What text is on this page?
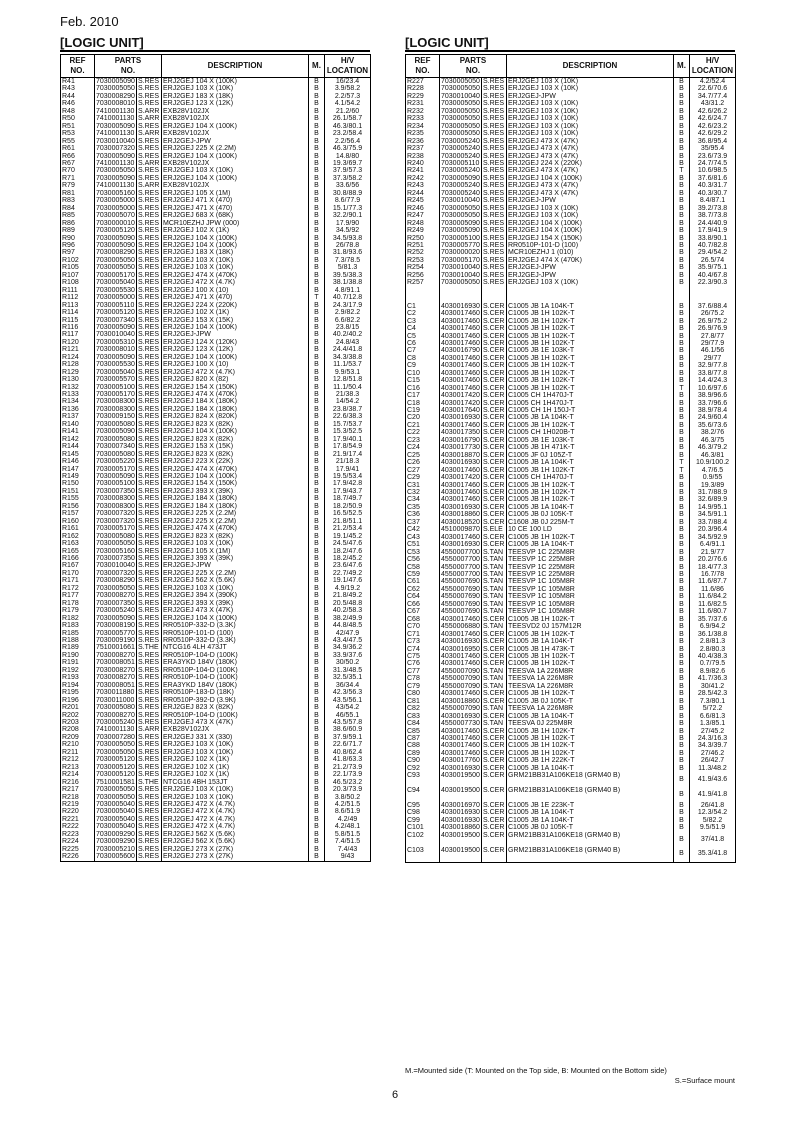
Feb. 2010
[LOGIC UNIT]	[LOGIC UNIT]
REF
NO.	PARTS
NO.		DESCRIPTION	M.	H/V
LOCATION
R41	7030005090	S.RES	ERJ2GEJ 104 X (100K)	B	16/23.4
R43	7030005050	S.RES	ERJ2GEJ 103 X (10K)	B	3.9/58.2
R44	7030008290	S.RES	ERJ2GEJ 183 X (18K)	B	2.2/57.3
R46	7030008010	S.RES	ERJ2GEJ 123 X (12K)	B	4.1/54.2
R48	7410001130	S.ARR	EXB28V102JX	B	21.2/60
R50	7410001130	S.ARR	EXB28V102JX	B	26.1/58.7
R51	7030005090	S.RES	ERJ2GEJ 104 X (100K)	B	46.3/80.1
R53	7410001130	S.ARR	EXB28V102JX	B	23.2/58.4
R55	7030010040	S.RES	ERJ2GEJ-JPW	B	2.2/56.4
R61	7030007320	S.RES	ERJ2GEJ 225 X (2.2M)	B	46.3/75.9
R66	7030005090	S.RES	ERJ2GEJ 104 X (100K)	B	14.8/80
R67	7410001130	S.ARR	EXB28V102JX	B	19.3/69.7
R70	7030005050	S.RES	ERJ2GEJ 103 X (10K)	B	37.9/57.3
R71	7030005090	S.RES	ERJ2GEJ 104 X (100K)	B	37.3/58.2
R79	7410001130	S.ARR	EXB28V102JX	B	33.6/56
R81	7030005160	S.RES	ERJ2GEJ 105 X (1M)	B	30.8/88.9
R83	7030005000	S.RES	ERJ2GEJ 471 X (470)	B	8.6/77.9
R84	7030005000	S.RES	ERJ2GEJ 471 X (470)	B	15.1/77.3
R85	7030005070	S.RES	ERJ2GEJ 683 X (68K)	B	32.2/90.1
R86	7030000010	S.RES	MCR10EZHJ JPW (000)	B	17.9/90
R89	7030005120	S.RES	ERJ2GEJ 102 X (1K)	B	34.5/92
R90	7030005090	S.RES	ERJ2GEJ 104 X (100K)	B	34.5/93.8
R96	7030005090	S.RES	ERJ2GEJ 104 X (100K)	B	26/78.8
R97	7030008290	S.RES	ERJ2GEJ 183 X (18K)	B	31.8/93.6
R102	7030005050	S.RES	ERJ2GEJ 103 X (10K)	B	7.3/78.5
R105	7030005050	S.RES	ERJ2GEJ 103 X (10K)	B	5/81.3
R107	7030005170	S.RES	ERJ2GEJ 474 X (470K)	B	39.5/38.3
R108	7030005040	S.RES	ERJ2GEJ 472 X (4.7K)	B	38.1/38.8
R111	7030005530	S.RES	ERJ2GEJ 100 X (10)	B	4.8/91.1
R112	7030005000	S.RES	ERJ2GEJ 471 X (470)	T	40.7/12.8
R113	7030005110	S.RES	ERJ2GEJ 224 X (220K)	B	24.3/17.9
R114	7030005120	S.RES	ERJ2GEJ 102 X (1K)	B	2.9/82.2
R115	7030007340	S.RES	ERJ2GEJ 153 X (15K)	B	6.6/82.2
R116	7030005090	S.RES	ERJ2GEJ 104 X (100K)	B	23.8/15
R117	7030010040	S.RES	ERJ2GEJ-JPW	B	40.2/40.2
R120	7030005310	S.RES	ERJ2GEJ 124 X (120K)	B	24.8/43
R121	7030008010	S.RES	ERJ2GEJ 123 X (12K)	B	24.4/41.8
R124	7030005090	S.RES	ERJ2GEJ 104 X (100K)	B	34.3/38.8
R128	7030005530	S.RES	ERJ2GEJ 100 X (10)	B	11.1/53.7
R129	7030005040	S.RES	ERJ2GEJ 472 X (4.7K)	B	9.9/53.1
R130	7030005570	S.RES	ERJ2GEJ 820 X (82)	B	12.8/51.8
R132	7030005100	S.RES	ERJ2GEJ 154 X (150K)	B	11.1/50.4
R133	7030005170	S.RES	ERJ2GEJ 474 X (470K)	B	21/38.3
R134	7030008300	S.RES	ERJ2GEJ 184 X (180K)	B	14/54.2
R136	7030008300	S.RES	ERJ2GEJ 184 X (180K)	B	23.8/38.7
R137	7030009150	S.RES	ERJ2GEJ 824 X (820K)	B	22.6/38.3
R140	7030005080	S.RES	ERJ2GEJ 823 X (82K)	B	15.7/53.7
R141	7030005090	S.RES	ERJ2GEJ 104 X (100K)	B	15.3/52.5
R142	7030005080	S.RES	ERJ2GEJ 823 X (82K)	B	17.9/40.1
R144	7030007340	S.RES	ERJ2GEJ 153 X (15K)	B	17.8/54.9
R145	7030005080	S.RES	ERJ2GEJ 823 X (82K)	B	21.9/17.4
R146	7030005220	S.RES	ERJ2GEJ 223 X (22K)	B	21/18.3
R147	7030005170	S.RES	ERJ2GEJ 474 X (470K)	B	17.9/41
R149	7030005090	S.RES	ERJ2GEJ 104 X (100K)	B	19.5/53.4
R150	7030005100	S.RES	ERJ2GEJ 154 X (150K)	B	17.9/42.8
R151	7030007350	S.RES	ERJ2GEJ 393 X (39K)	B	17.9/43.7
R155	7030008300	S.RES	ERJ2GEJ 184 X (180K)	B	18.7/49.7
R156	7030008300	S.RES	ERJ2GEJ 184 X (180K)	B	18.2/50.9
R157	7030007320	S.RES	ERJ2GEJ 225 X (2.2M)	B	16.5/52.5
R160	7030007320	S.RES	ERJ2GEJ 225 X (2.2M)	B	21.8/51.1
R161	7030005170	S.RES	ERJ2GEJ 474 X (470K)	B	21.2/53.4
R162	7030005080	S.RES	ERJ2GEJ 823 X (82K)	B	19.1/45.2
R163	7030005050	S.RES	ERJ2GEJ 103 X (10K)	B	24.5/47.6
R165	7030005160	S.RES	ERJ2GEJ 105 X (1M)	B	18.2/47.6
R166	7030007350	S.RES	ERJ2GEJ 393 X (39K)	B	18.2/45.2
R167	7030010040	S.RES	ERJ2GEJ-JPW	B	23.6/47.6
R170	7030007320	S.RES	ERJ2GEJ 225 X (2.2M)	B	22.7/49.2
R171	7030008290	S.RES	ERJ2GEJ 562 X (5.6K)	B	19.1/47.6
R172	7030005050	S.RES	ERJ2GEJ 103 X (10K)	B	4.9/19.2
R177	7030008270	S.RES	ERJ2GEJ 394 X (390K)	B	21.8/49.2
R178	7030007350	S.RES	ERJ2GEJ 393 X (39K)	B	20.5/48.8
R179	7030005240	S.RES	ERJ2GEJ 473 X (47K)	B	40.2/58.3
R182	7030005090	S.RES	ERJ2GEJ 104 X (100K)	B	38.2/49.9
R183	7030008190	S.RES	RR0510P-332-D (3.3K)	B	44.8/48.5
R185	7030005770	S.RES	RR0510P-101-D (100)	B	42/47.9
R188	7030009190	S.RES	RR0510P-332-D (3.3K)	B	43.4/47.5
R189	7510001661	S.THE	NTCG16 4LH 473JT	B	34.9/36.2
R190	7030008270	S.RES	RR0510P-104-D (100K)	B	33.9/37.6
R191	7030008051	S.RES	ERA3YKD 184V (180K)	B	30/50.2
R192	7030008270	S.RES	RR0510P-104-D (100K)	B	31.3/48.5
R193	7030008270	S.RES	RR0510P-104-D (100K)	B	32.5/35.1
R194	7030008051	S.RES	ERA3YKD 184V (180K)	B	36/34.4
R195	7030011880	S.RES	RR0510P-183-D (18K)	B	42.3/56.3
R196	7030011000	S.RES	RR0510P-392-D (3.9K)	B	43.5/56.1
R201	7030005080	S.RES	ERJ2GEJ 823 X (82K)	B	43/54.2
R202	7030008270	S.RES	RR0510P-104-D (100K)	B	46/55.1
R203	7030005240	S.RES	ERJ2GEJ 473 X (47K)	B	43.5/57.8
R208	7410001130	S.ARR	EXB28V102JX	B	38.6/60.9
R209	7030007280	S.RES	ERJ2GEJ 331 X (330)	B	37.9/59.1
R210	7030005050	S.RES	ERJ2GEJ 103 X (10K)	B	22.6/71.7
R211	7030005050	S.RES	ERJ2GEJ 103 X (10K)	B	40.8/62.4
R212	7030005120	S.RES	ERJ2GEJ 102 X (1K)	B	41.8/63.3
R213	7030005120	S.RES	ERJ2GEJ 102 X (1K)	B	21.2/73.9
R214	7030005120	S.RES	ERJ2GEJ 102 X (1K)	B	22.1/73.9
R216	7510001581	S.THE	NTCG16 4BH 153JT	B	46.5/23.2
R217	7030005050	S.RES	ERJ2GEJ 103 X (10K)	B	20.3/73.9
R218	7030005050	S.RES	ERJ2GEJ 103 X (10K)	B	3.8/50.2
R219	7030005040	S.RES	ERJ2GEJ 472 X (4.7K)	B	4.2/51.5
R220	7030005040	S.RES	ERJ2GEJ 472 X (4.7K)	B	8.6/51.9
R221	7030005040	S.RES	ERJ2GEJ 472 X (4.7K)	B	4.2/49
R222	7030005040	S.RES	ERJ2GEJ 472 X (4.7K)	B	4.2/48.1
R223	7030009290	S.RES	ERJ2GEJ 562 X (5.6K)	B	5.8/51.5
R224	7030009290	S.RES	ERJ2GEJ 562 X (5.6K)	B	7.4/51.5
R225	7030005210	S.RES	ERJ2GEJ 273 X (27K)	B	7.4/43
R226	7030005600	S.RES	ERJ2GEJ 273 X (27K)	B	9/43
REF
NO.	PARTS
NO.		DESCRIPTION	M.	H/V
LOCATION
R227	7030005050	S.RES	ERJ2GEJ 103 X (10K)	B	4.2/52.4
R228	7030005050	S.RES	ERJ2GEJ 103 X (10K)	B	22.6/70.6
R229	7030010040	S.RES	ERJ2GEJ-JPW	B	34.7/77.4
R231	7030005050	S.RES	ERJ2GEJ 103 X (10K)	B	43/31.2
R232	7030005050	S.RES	ERJ2GEJ 103 X (10K)	B	42.6/26.2
R233	7030005050	S.RES	ERJ2GEJ 103 X (10K)	B	42.6/24.7
R234	7030005050	S.RES	ERJ2GEJ 103 X (10K)	B	42.6/23.2
R235	7030005050	S.RES	ERJ2GEJ 103 X (10K)	B	42.6/29.2
R236	7030005240	S.RES	ERJ2GEJ 473 X (47K)	B	36.8/95.4
R237	7030005240	S.RES	ERJ2GEJ 473 X (47K)	B	35/95.4
R238	7030005240	S.RES	ERJ2GEJ 473 X (47K)	B	23.6/73.9
R240	7030005110	S.RES	ERJ2GEJ 224 X (220K)	B	24.7/74.5
R241	7030005240	S.RES	ERJ2GEJ 473 X (47K)	T	10.6/98.5
R242	7030005090	S.RES	ERJ2GEJ 104 X (100K)	B	37.6/81.6
R243	7030005240	S.RES	ERJ2GEJ 473 X (47K)	B	40.3/31.7
R244	7030005240	S.RES	ERJ2GEJ 473 X (47K)	B	40.3/30.7
R245	7030010040	S.RES	ERJ2GEJ-JPW	B	8.4/87.1
R246	7030005050	S.RES	ERJ2GEJ 103 X (10K)	B	39.2/73.8
R247	7030005050	S.RES	ERJ2GEJ 103 X (10K)	B	38.7/73.8
R248	7030005090	S.RES	ERJ2GEJ 104 X (100K)	B	24.4/40.9
R249	7030005090	S.RES	ERJ2GEJ 104 X (100K)	B	17.9/41.9
R250	7030005100	S.RES	ERJ2GEJ 154 X (150K)	B	33.8/90.1
R251	7030005770	S.RES	RR0510P-101-D (100)	B	40.7/82.8
R252	7030000020	S.RES	MCR10EZHJ 1 (010)	B	29.4/54.2
R253	7030005170	S.RES	ERJ2GEJ 474 X (470K)	B	26.5/74
R254	7030010040	S.RES	ERJ2GEJ-JPW	B	35.9/75.1
R256	7030010040	S.RES	ERJ2GEJ-JPW	B	40.4/67.8
R257	7030005050	S.RES	ERJ2GEJ 103 X (10K)	B	22.3/90.3

C1	4030016930	S.CER	C1005 JB 1A 104K-T	B	37.6/88.4
C2	4030017460	S.CER	C1005 JB 1H 102K-T	B	26/75.2
C3	4030017460	S.CER	C1005 JB 1H 102K-T	B	26.9/75.2
C4	4030017460	S.CER	C1005 JB 1H 102K-T	B	26.9/76.9
C5	4030017460	S.CER	C1005 JB 1H 102K-T	B	27.8/77
C6	4030017460	S.CER	C1005 JB 1H 102K-T	B	29/77.9
C7	4030016790	S.CER	C1005 JB 1E 103K-T	B	46.1/56
C8	4030017460	S.CER	C1005 JB 1H 102K-T	B	29/77
C9	4030017460	S.CER	C1005 JB 1H 102K-T	B	32.9/77.8
C10	4030017460	S.CER	C1005 JB 1H 102K-T	B	33.8/77.8
C15	4030017460	S.CER	C1005 JB 1H 102K-T	B	14.4/24.3
C16	4030017460	S.CER	C1005 JB 1H 102K-T	T	10.6/97.6
C17	4030017420	S.CER	C1005 CH 1H470J-T	B	38.9/96.6
C18	4030017420	S.CER	C1005 CH 1H470J-T	B	33.7/96.6
C19	4030017640	S.CER	C1005 CH 1H 150J-T	B	38.9/78.4
C20	4030016930	S.CER	C1005 JB 1A 104K-T	B	24.9/60.4
C21	4030017460	S.CER	C1005 JB 1H 102K-T	B	35.6/73.6
C22	4030017350	S.CER	C1005 CH 1H020B-T	B	38.2/76
C23	4030016790	S.CER	C1005 JB 1E 103K-T	B	46.3/75
C24	4030017730	S.CER	C1005 JB 1H 471K-T	B	46.3/79.2
C25	4030018870	S.CER	C1005 JF 0J 105Z-T	B	46.3/81
C26	4030016930	S.CER	C1005 JB 1A 104K-T	T	10.9/100.2
C27	4030017460	S.CER	C1005 JB 1H 102K-T	T	4.7/6.5
C29	4030017420	S.CER	C1005 CH 1H470J-T	B	0.9/55
C31	4030017460	S.CER	C1005 JB 1H 102K-T	B	19.3/89
C32	4030017460	S.CER	C1005 JB 1H 102K-T	B	31.7/88.9
C34	4030017460	S.CER	C1005 JB 1H 102K-T	B	32.6/89.9
C35	4030016930	S.CER	C1005 JB 1A 104K-T	B	14.9/95.1
C36	4030018860	S.CER	C1005 JB 0J 105K-T	B	34.5/91.1
C37	4030018520	S.CER	C1608 JB 0J 225M-T	B	33.7/88.4
C42	4510009870	S.ELE	10 CE 100 LD	B	20.3/96.4
C43	4030017460	S.CER	C1005 JB 1H 102K-T	B	34.5/92.9
C51	4030016930	S.CER	C1005 JB 1A 104K-T	B	6.4/91.1
C53	4550007700	S.TAN	TEESVP 1C 225M8R	B	21.9/77
C56	4550007700	S.TAN	TEESVP 1C 225M8R	B	20.2/76.6
C58	4550007700	S.TAN	TEESVP 1C 225M8R	B	18.4/77.3
C59	4550007700	S.TAN	TEESVP 1C 225M8R	B	16.7/78
C61	4550007690	S.TAN	TEESVP 1C 105M8R	B	11.6/87.7
C62	4550007690	S.TAN	TEESVP 1C 105M8R	B	11.6/86
C64	4550007690	S.TAN	TEESVP 1C 105M8R	B	11.6/84.2
C66	4550007690	S.TAN	TEESVP 1C 105M8R	B	11.6/82.5
C67	4550007690	S.TAN	TEESVP 1C 105M8R	B	11.6/80.7
C68	4030017460	S.CER	C1005 JB 1H 102K-T	B	35.7/37.6
C70	4550006880	S.TAN	TEESVD2 0J 157M12R	B	6.9/94.2
C71	4030017460	S.CER	C1005 JB 1H 102K-T	B	36.1/38.8
C73	4030016930	S.CER	C1005 JB 1A 104K-T	B	2.8/81.3
C74	4030016950	S.CER	C1005 JB 1H 473K-T	B	2.8/80.3
C75	4030017460	S.CER	C1005 JB 1H 102K-T	B	40.4/38.3
C76	4030017460	S.CER	C1005 JB 1H 102K-T	B	0.7/79.5
C77	4550007090	S.TAN	TEESVA 1A 226M8R	B	8.9/82.6
C78	4550007090	S.TAN	TEESVA 1A 226M8R	B	41.7/36.3
C79	4550007090	S.TAN	TEESVA 1A 226M8R	B	30/41.2
C80	4030017460	S.CER	C1005 JB 1H 102K-T	B	28.5/42.3
C81	4030018860	S.CER	C1005 JB 0J 105K-T	B	7.3/80.1
C82	4550007090	S.TAN	TEESVA 1A 226M8R	B	5/72.2
C83	4030016930	S.CER	C1005 JB 1A 104K-T	B	6.6/81.3
C84	4550007730	S.TAN	TEESVA 0J 225M8R	B	1.3/85.1
C85	4030017460	S.CER	C1005 JB 1H 102K-T	B	27/45.2
C87	4030017460	S.CER	C1005 JB 1H 102K-T	B	24.3/16.3
C88	4030017460	S.CER	C1005 JB 1H 102K-T	B	34.3/39.7
C89	4030017460	S.CER	C1005 JB 1H 102K-T	B	27/46.2
C90	4030017760	S.CER	C1005 JB 1H 222K-T	B	26/42.7
C92	4030016930	S.CER	C1005 JB 1A 104K-T	B	11.3/48.2
C93	4030019500	S.CER	GRM21BB31A106KE18 (GRM40 B)	B	41.9/43.6
C94	4030019500	S.CER	GRM21BB31A106KE18 (GRM40 B)	B	41.9/41.8
C95	4030016970	S.CER	C1005 JB 1E 223K-T	B	26/41.8
C98	4030016930	S.CER	C1005 JB 1A 104K-T	B	12.3/54.2
C99	4030016930	S.CER	C1005 JB 1A 104K-T	B	5/82.2
C101	4030018860	S.CER	C1005 JB 0J 105K-T	B	9.5/51.9
C102	4030019500	S.CER	GRM21BB31A106KE18 (GRM40 B)	B	37/41.8
C103	4030019500	S.CER	GRM21BB31A106KE18 (GRM40 B)	B	35.3/41.8
M.=Mounted side (T: Mounted on the Top side, B: Mounted on the Bottom side)
S.=Surface mount
6
